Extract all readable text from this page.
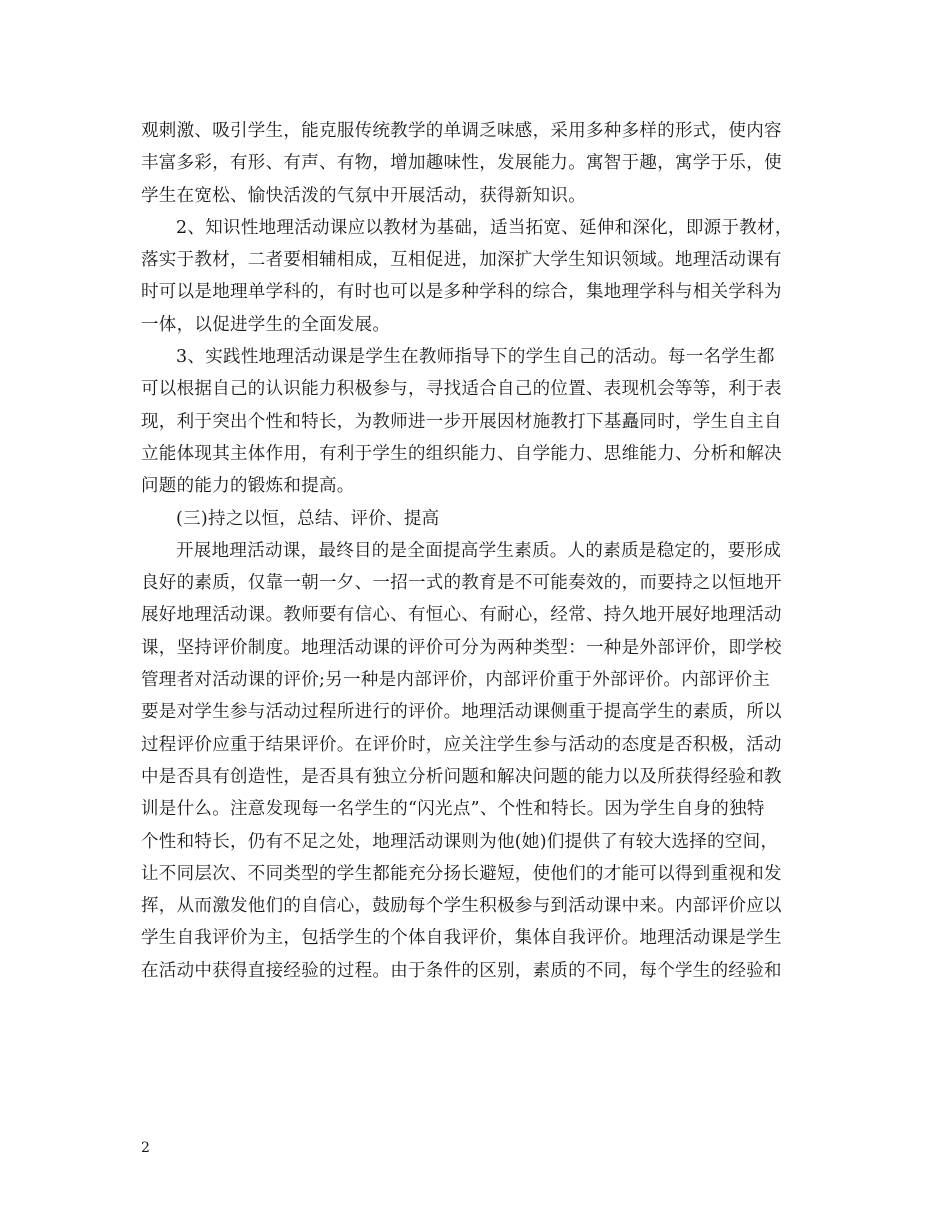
观刺激、吸引学生，能克服传统教学的单调乏味感，采用多种多样的形式，使内容
丰富多彩，有形、有声、有物，增加趣味性，发展能力。寓智于趣，寓学于乐，使
学生在宽松、愉快活泼的气氛中开展活动，获得新知识。

2、知识性地理活动课应以教材为基础，适当拓宽、延伸和深化，即源于教材，
落实于教材，二者要相辅相成，互相促进，加深扩大学生知识领域。地理活动课有
时可以是地理单学科的，有时也可以是多种学科的综合，集地理学科与相关学科为
一体，以促进学生的全面发展。

3、实践性地理活动课是学生在教师指导下的学生自己的活动。每一名学生都
可以根据自己的认识能力积极参与，寻找适合自己的位置、表现机会等等，利于表
现，利于突出个性和特长，为教师进一步开展因材施教打下基矗同时，学生自主自
立能体现其主体作用，有利于学生的组织能力、自学能力、思维能力、分析和解决
问题的能力的锻炼和提高。

(三)持之以恒，总结、评价、提高

开展地理活动课，最终目的是全面提高学生素质。人的素质是稳定的，要形成
良好的素质，仅靠一朝一夕、一招一式的教育是不可能奏效的，而要持之以恒地开
展好地理活动课。教师要有信心、有恒心、有耐心，经常、持久地开展好地理活动
课，坚持评价制度。地理活动课的评价可分为两种类型：一种是外部评价，即学校
管理者对活动课的评价;另一种是内部评价，内部评价重于外部评价。内部评价主
要是对学生参与活动过程所进行的评价。地理活动课侧重于提高学生的素质，所以
过程评价应重于结果评价。在评价时，应关注学生参与活动的态度是否积极，活动
中是否具有创造性，是否具有独立分析问题和解决问题的能力以及所获得经验和教
训是什么。注意发现每一名学生的“闪光点”、个性和特长。因为学生自身的独特
个性和特长，仍有不足之处，地理活动课则为他(她)们提供了有较大选择的空间，
让不同层次、不同类型的学生都能充分扬长避短，使他们的才能可以得到重视和发
挥，从而激发他们的自信心，鼓励每个学生积极参与到活动课中来。内部评价应以
学生自我评价为主，包括学生的个体自我评价，集体自我评价。地理活动课是学生
在活动中获得直接经验的过程。由于条件的区别，素质的不同，每个学生的经验和

2
